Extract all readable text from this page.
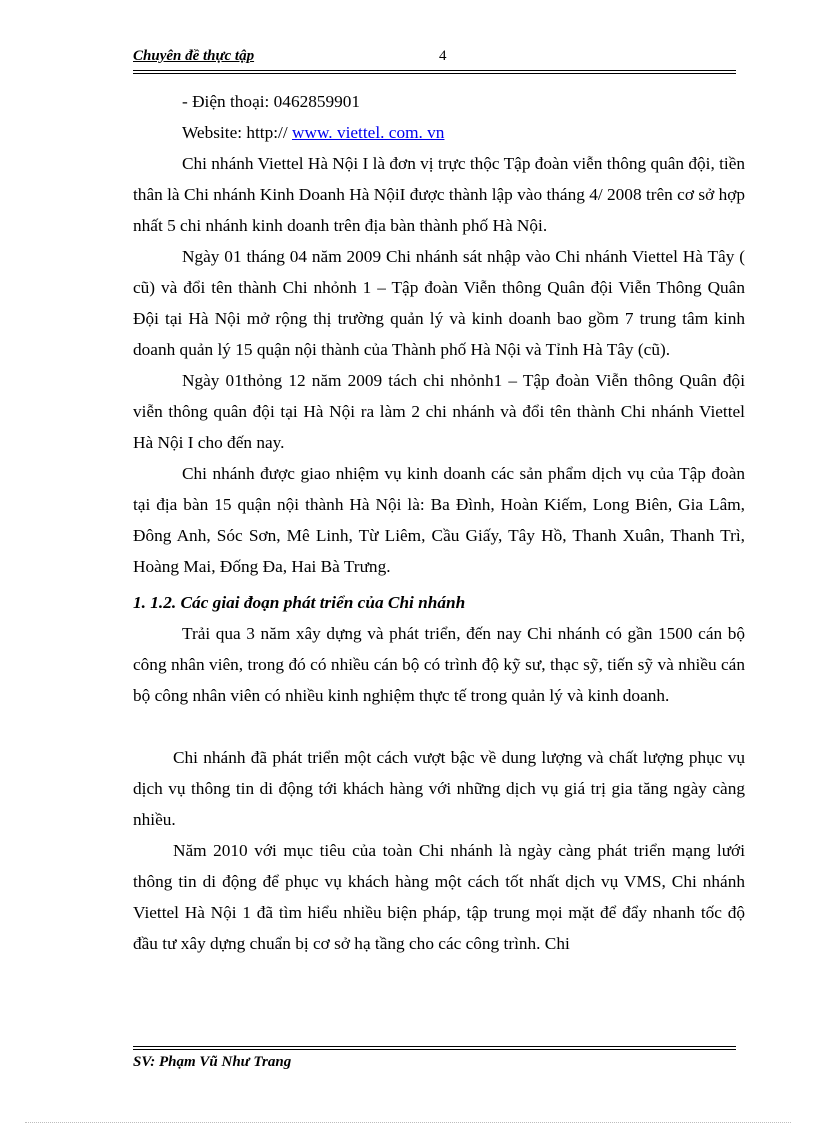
Chuyên đề thực tập	4

- Điện thoại: 0462859901

Website: http:// www. viettel. com. vn

Chi nhánh Viettel Hà Nội I là đơn vị trực thộc Tập đoàn viễn thông quân đội, tiền thân là Chi nhánh Kinh Doanh Hà NộiI được thành lập vào tháng 4/ 2008 trên cơ sở hợp nhất 5 chi nhánh kinh doanh trên địa bàn thành phố Hà Nội.

Ngày 01 tháng 04 năm 2009 Chi nhánh sát nhập vào Chi nhánh Viettel Hà Tây ( cũ) và đổi tên thành Chi nhỏnh 1 – Tập đoàn Viễn thông Quân đội Viễn Thông Quân Đội tại Hà Nội mở rộng thị trường quản lý và kinh doanh bao gồm 7 trung tâm kinh doanh quản lý 15 quận nội thành của Thành phố Hà Nội và Tỉnh Hà Tây (cũ).

Ngày 01thỏng 12 năm 2009 tách chi nhỏnh1 – Tập đoàn Viễn thông Quân đội viễn thông quân đội tại Hà Nội ra làm 2 chi nhánh và đổi tên thành Chi nhánh Viettel Hà Nội I cho đến nay.

Chi nhánh được giao nhiệm vụ kinh doanh các sản phẩm dịch vụ của Tập đoàn tại địa bàn 15 quận nội thành Hà Nội là: Ba Đình, Hoàn Kiếm, Long Biên, Gia Lâm, Đông Anh, Sóc Sơn, Mê Linh, Từ Liêm, Cầu Giấy, Tây Hồ, Thanh Xuân, Thanh Trì, Hoàng Mai, Đống Đa, Hai Bà Trưng.

1. 1.2. Các giai đoạn phát triển của Chi nhánh

Trải qua 3 năm xây dựng và phát triển, đến nay Chi nhánh có gần 1500 cán bộ công nhân viên, trong đó có nhiều cán bộ có trình độ kỹ sư, thạc sỹ, tiến sỹ và nhiều cán bộ công nhân viên có nhiều kinh nghiệm thực tế trong quản lý và kinh doanh.

Chi nhánh đã phát triển một cách vượt bậc về dung lượng và chất lượng phục vụ dịch vụ thông tin di động tới khách hàng với những dịch vụ giá trị gia tăng ngày càng nhiều.

Năm 2010 với mục tiêu của toàn Chi nhánh là ngày càng phát triển mạng lưới thông tin di động để phục vụ khách hàng một cách tốt nhất dịch vụ VMS, Chi nhánh Viettel Hà Nội 1 đã tìm hiểu nhiều biện pháp, tập trung mọi mặt để đẩy nhanh tốc độ đầu tư xây dựng chuẩn bị cơ sở hạ tầng cho các công trình. Chi

SV: Phạm Vũ Như Trang
